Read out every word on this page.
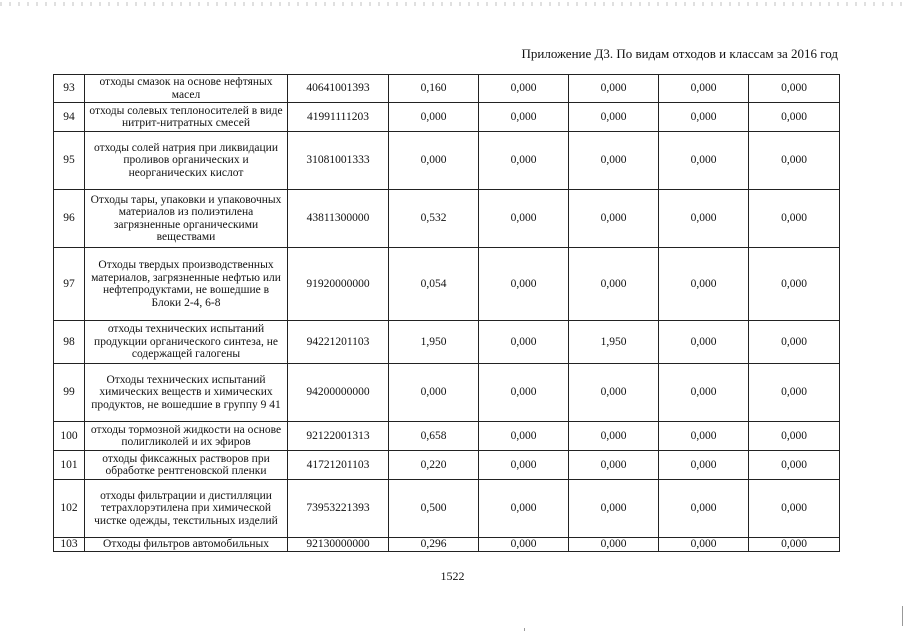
Приложение Д3. По видам отходов и классам за 2016 год
93	отходы смазок на основе нефтяных масел	40641001393	0,160	0,000	0,000	0,000	0,000
94	отходы солевых теплоносителей в виде нитрит-нитратных смесей	41991111203	0,000	0,000	0,000	0,000	0,000
95	отходы солей натрия при ликвидации проливов органических и неорганических кислот	31081001333	0,000	0,000	0,000	0,000	0,000
96	Отходы тары, упаковки и упаковочных материалов из полиэтилена загрязненные органическими веществами	43811300000	0,532	0,000	0,000	0,000	0,000
97	Отходы твердых производственных материалов, загрязненные нефтью или нефтепродуктами, не вошедшие в Блоки 2-4, 6-8	91920000000	0,054	0,000	0,000	0,000	0,000
98	отходы технических испытаний продукции органического синтеза, не содержащей галогены	94221201103	1,950	0,000	1,950	0,000	0,000
99	Отходы технических испытаний химических веществ и химических продуктов, не вошедшие в группу 9 41	94200000000	0,000	0,000	0,000	0,000	0,000
100	отходы тормозной жидкости на основе полигликолей и их эфиров	92122001313	0,658	0,000	0,000	0,000	0,000
101	отходы фиксажных растворов при обработке рентгеновской пленки	41721201103	0,220	0,000	0,000	0,000	0,000
102	отходы фильтрации и дистилляции тетрахлорэтилена при химической чистке одежды, текстильных изделий	73953221393	0,500	0,000	0,000	0,000	0,000
103	Отходы фильтров автомобильных	92130000000	0,296	0,000	0,000	0,000	0,000
1522
